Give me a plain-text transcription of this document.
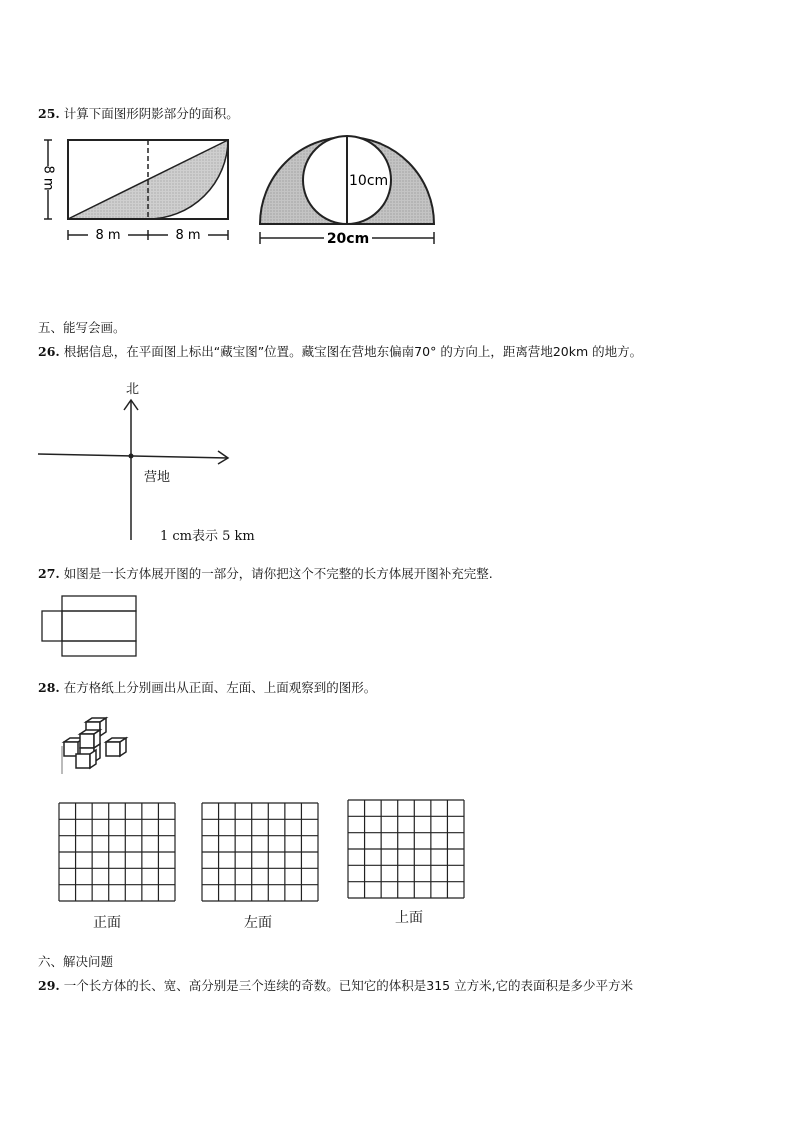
25. 计算下面图形阴影部分的面积。
8 m
8 m	8 m
10cm
20cm
五、能写会画。
26. 根据信息，在平面图上标出“藏宝图”位置。藏宝图在营地东偏南70° 的方向上，距离营地20km 的地方。
北
营地
1 cm表示 5 km
27. 如图是一长方体展开图的一部分，请你把这个不完整的长方体展开图补充完整.
28. 在方格纸上分别画出从正面、左面、上面观察到的图形。
正面	左面	上面
六、解决问题
29. 一个长方体的长、宽、高分别是三个连续的奇数。已知它的体积是315 立方米,它的表面积是多少平方米
